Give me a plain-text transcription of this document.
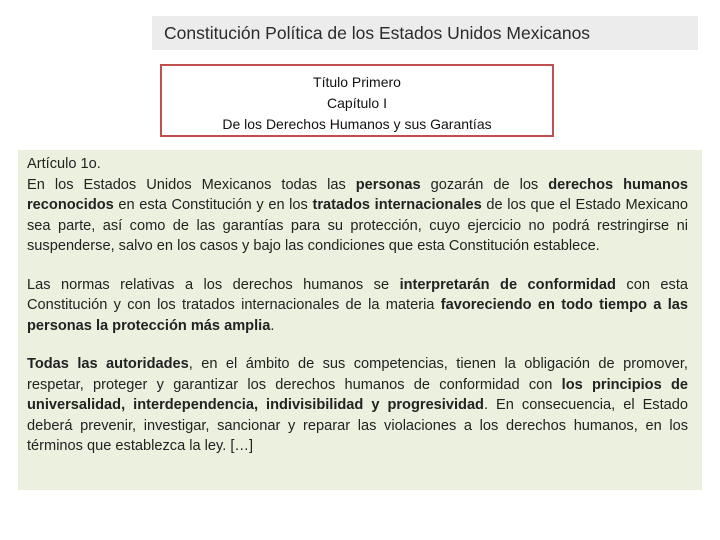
Constitución Política de los Estados Unidos Mexicanos
Título Primero
Capítulo I
De los Derechos Humanos y sus Garantías

Artículo 1o.

En los Estados Unidos Mexicanos todas las personas gozarán de los derechos humanos reconocidos en esta Constitución y en los tratados internacionales de los que el Estado Mexicano sea parte, así como de las garantías para su protección, cuyo ejercicio no podrá restringirse ni suspenderse, salvo en los casos y bajo las condiciones que esta Constitución establece.

Las normas relativas a los derechos humanos se interpretarán de conformidad con esta Constitución y con los tratados internacionales de la materia favoreciendo en todo tiempo a las personas la protección más amplia.

Todas las autoridades, en el ámbito de sus competencias, tienen la obligación de promover, respetar, proteger y garantizar los derechos humanos de conformidad con los principios de universalidad, interdependencia, indivisibilidad y progresividad. En consecuencia, el Estado deberá prevenir, investigar, sancionar y reparar las violaciones a los derechos humanos, en los términos que establezca la ley. […]
